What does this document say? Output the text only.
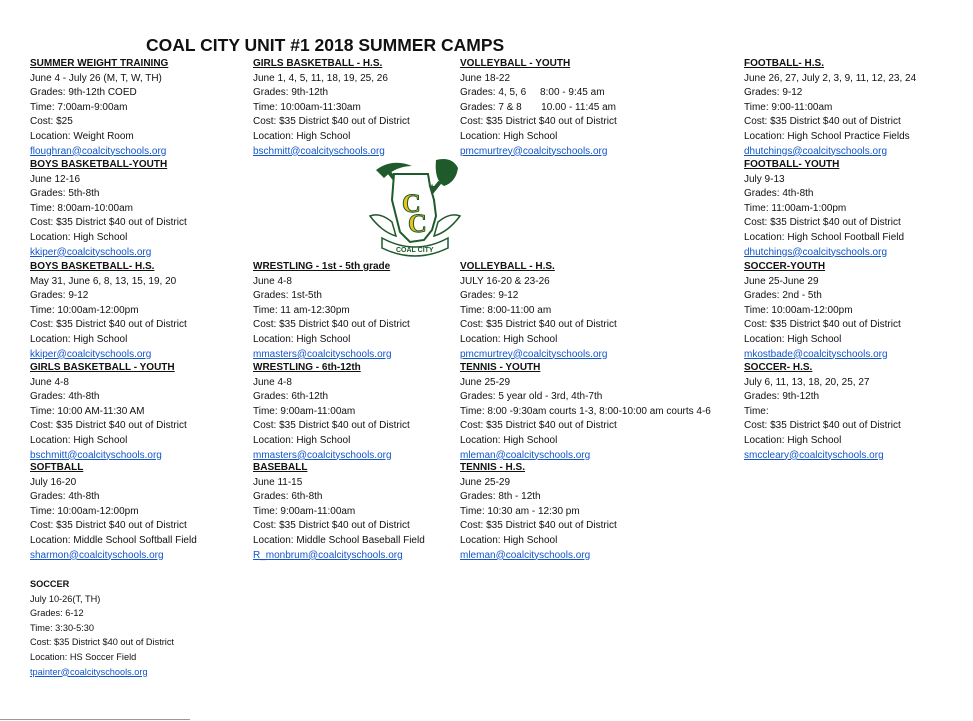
COAL CITY UNIT #1 2018 SUMMER CAMPS
SUMMER WEIGHT TRAINING
June 4 - July 26 (M, T, W, TH)
Grades: 9th-12th COED
Time: 7:00am-9:00am
Cost: $25
Location: Weight Room
floughran@coalcityschools.org
BOYS BASKETBALL-YOUTH
June 12-16
Grades: 5th-8th
Time: 8:00am-10:00am
Cost: $35 District $40 out of District
Location: High School
kkiper@coalcityschools.org
BOYS BASKETBALL- H.S.
May 31, June 6, 8, 13, 15, 19, 20
Grades: 9-12
Time: 10:00am-12:00pm
Cost: $35 District $40 out of District
Location: High School
kkiper@coalcityschools.org
GIRLS BASKETBALL - YOUTH
June 4-8
Grades: 4th-8th
Time: 10:00 AM-11:30 AM
Cost: $35 District $40 out of District
Location: High School
bschmitt@coalcityschools.org
SOFTBALL
July 16-20
Grades: 4th-8th
Time: 10:00am-12:00pm
Cost: $35 District $40 out of District
Location: Middle School Softball Field
sharmon@coalcityschools.org
SOCCER
July 10-26(T, TH)
Grades: 6-12
Time: 3:30-5:30
Cost: $35 District $40 out of District
Location: HS Soccer Field
tpainter@coalcityschools.org
GIRLS BASKETBALL - H.S.
June 1, 4, 5, 11, 18, 19, 25, 26
Grades: 9th-12th
Time: 10:00am-11:30am
Cost: $35 District $40 out of District
Location: High School
bschmitt@coalcityschools.org
WRESTLING - 1st - 5th grade
June 4-8
Grades: 1st-5th
Time: 11 am-12:30pm
Cost: $35 District $40 out of District
Location: High School
mmasters@coalcityschools.org
WRESTLING - 6th-12th
June 4-8
Grades: 6th-12th
Time: 9:00am-11:00am
Cost: $35 District $40 out of District
Location: High School
mmasters@coalcityschools.org
BASEBALL
June 11-15
Grades: 6th-8th
Time: 9:00am-11:00am
Cost: $35 District $40 out of District
Location: Middle School Baseball Field
R_monbrum@coalcityschools.org
VOLLEYBALL - YOUTH
June 18-22
Grades: 4, 5, 6     8:00 - 9:45 am
Grades: 7 & 8       10.00 - 11:45 am
Cost: $35 District $40 out of District
Location: High School
pmcmurtrey@coalcityschools.org
VOLLEYBALL - H.S.
JULY 16-20 & 23-26
Grades: 9-12
Time: 8:00-11:00 am
Cost: $35 District $40 out of District
Location: High School
pmcmurtrey@coalcityschools.org
TENNIS - YOUTH
June 25-29
Grades: 5 year old - 3rd, 4th-7th
Time: 8:00 -9:30am courts 1-3, 8:00-10:00 am courts 4-6
Cost: $35 District $40 out of District
Location: High School
mleman@coalcityschools.org
TENNIS - H.S.
June 25-29
Grades: 8th - 12th
Time: 10:30 am - 12:30 pm
Cost: $35 District $40 out of District
Location: High School
mleman@coalcityschools.org
FOOTBALL- H.S.
June 26, 27, July 2, 3, 9, 11, 12, 23, 24
Grades: 9-12
Time: 9:00-11:00am
Cost: $35 District $40 out of District
Location: High School Practice Fields
dhutchings@coalcityschools.org
FOOTBALL- YOUTH
July 9-13
Grades: 4th-8th
Time: 11:00am-1:00pm
Cost: $35 District $40 out of District
Location: High School Football Field
dhutchings@coalcityschools.org
SOCCER-YOUTH
June 25-June 29
Grades: 2nd - 5th
Time: 10:00am-12:00pm
Cost: $35 District $40 out of District
Location: High School
mkostbade@coalcityschools.org
SOCCER- H.S.
July 6, 11, 13, 18, 20, 25, 27
Grades: 9th-12th
Time:
Cost: $35 District $40 out of District
Location: High School
smccleary@coalcityschools.org
C
C
★
COAL CITY
